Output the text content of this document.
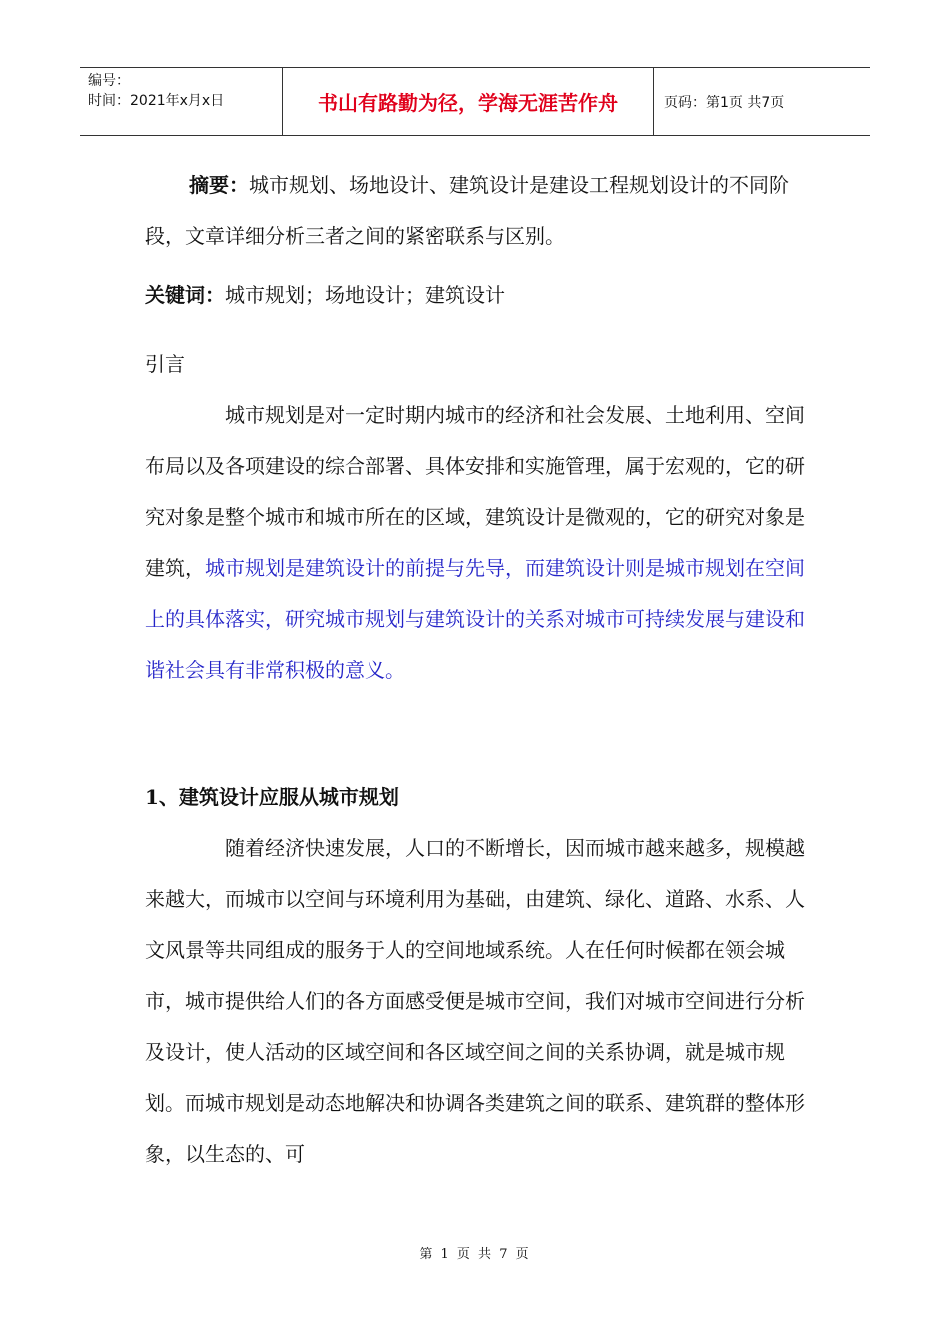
编号：
时间：2021年x月x日	书山有路勤为径，学海无涯苦作舟	页码：第1页 共7页

摘要：城市规划、场地设计、建筑设计是建设工程规划设计的不同阶段，文章详细分析三者之间的紧密联系与区别。

关键词：城市规划；场地设计；建筑设计

引言

城市规划是对一定时期内城市的经济和社会发展、土地利用、空间布局以及各项建设的综合部署、具体安排和实施管理，属于宏观的，它的研究对象是整个城市和城市所在的区域，建筑设计是微观的，它的研究对象是建筑，城市规划是建筑设计的前提与先导，而建筑设计则是城市规划在空间上的具体落实，研究城市规划与建筑设计的关系对城市可持续发展与建设和谐社会具有非常积极的意义。

1、建筑设计应服从城市规划

随着经济快速发展，人口的不断增长，因而城市越来越多，规模越来越大，而城市以空间与环境利用为基础，由建筑、绿化、道路、水系、人文风景等共同组成的服务于人的空间地域系统。人在任何时候都在领会城市，城市提供给人们的各方面感受便是城市空间，我们对城市空间进行分析及设计，使人活动的区域空间和各区域空间之间的关系协调，就是城市规划。而城市规划是动态地解决和协调各类建筑之间的联系、建筑群的整体形象，以生态的、可

第 1 页 共 7 页
